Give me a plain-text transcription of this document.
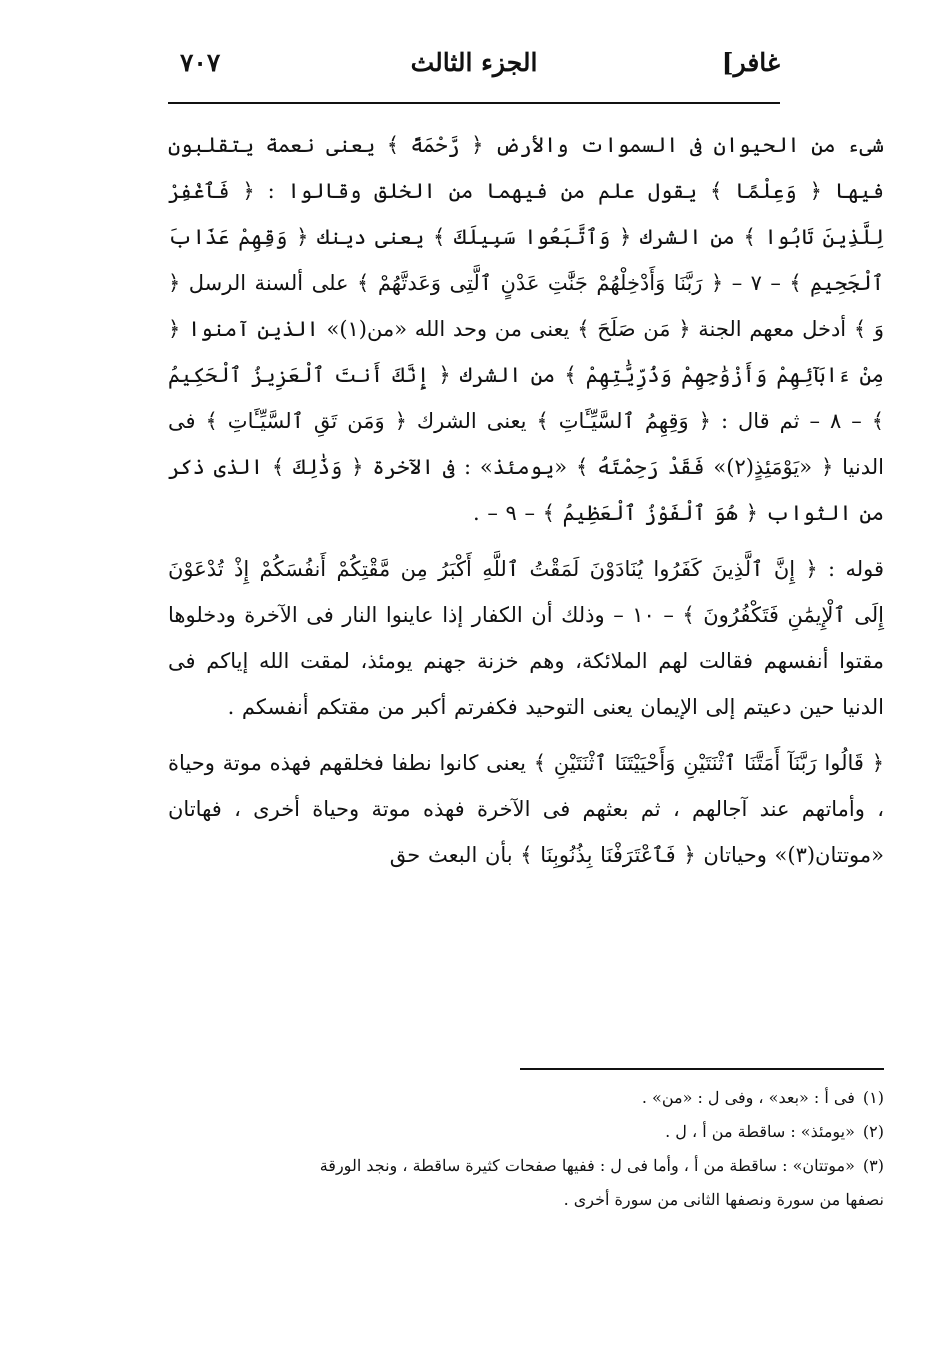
غافر]
الجزء الثالث
٧٠٧

شىء من الحيوان فى السموات والأرض ﴿ رَّحْمَةً ﴾ يعنى نعمة يتقلبون فيها ﴿ وَعِلْمًا ﴾ يقول علم من فيهما من الخلق وقالوا : ﴿ فَٱغْفِرْ لِلَّذِينَ تَابُوا ﴾ من الشرك ﴿ وَٱتَّبَعُوا سَبِيلَكَ ﴾ يعنى دينك ﴿ وَقِهِمْ عَذَابَ ٱلْجَحِيمِ ﴾ – ٧ – ﴿ رَبَّنَا وَأَدْخِلْهُمْ جَنَّٰتِ عَدْنٍ ٱلَّتِى وَعَدتَّهُمْ ﴾ على ألسنة الرسل ﴿ وَ ﴾ أدخل معهم الجنة ﴿ مَن صَلَحَ ﴾ يعنى من وحد الله «من(١)» الذين آمنوا ﴿ مِنْ ءَابَآئِهِمْ وَأَزْوَٰجِهِمْ وَذُرِّيَّٰتِهِمْ ﴾ من الشرك ﴿ إِنَّكَ أَنتَ ٱلْعَزِيزُ ٱلْحَكِيمُ ﴾ – ٨ – ثم قال : ﴿ وَقِهِمُ ٱلسَّيِّـَٔاتِ ﴾ يعنى الشرك ﴿ وَمَن تَقِ ٱلسَّيِّـَٔاتِ ﴾ فى الدنيا ﴿ «يَوْمَئِذٍ(٢)» فَقَدْ رَحِمْتَهُ ﴾ «يومئذ» : فى الآخرة ﴿ وَذَٰلِكَ ﴾ الذى ذكر من الثواب ﴿ هُوَ ٱلْفَوْزُ ٱلْعَظِيمُ ﴾ – ٩ – .

قوله : ﴿ إِنَّ ٱلَّذِينَ كَفَرُوا يُنَادَوْنَ لَمَقْتُ ٱللَّهِ أَكْبَرُ مِن مَّقْتِكُمْ أَنفُسَكُمْ إِذْ تُدْعَوْنَ إِلَى ٱلْإِيمَٰنِ فَتَكْفُرُونَ ﴾ – ١٠ – وذلك أن الكفار إذا عاينوا النار فى الآخرة ودخلوها مقتوا أنفسهم فقالت لهم الملائكة، وهم خزنة جهنم يومئذ، لمقت الله إياكم فى الدنيا حين دعيتم إلى الإيمان يعنى التوحيد فكفرتم أكبر من مقتكم أنفسكم .

﴿ قَالُوا رَبَّنَآ أَمَتَّنَا ٱثْنَتَيْنِ وَأَحْيَيْتَنَا ٱثْنَتَيْنِ ﴾ يعنى كانوا نطفا فخلقهم فهذه موتة وحياة ، وأماتهم عند آجالهم ، ثم بعثهم فى الآخرة فهذه موتة وحياة أخرى ، فهاتان «موتتان(٣)» وحياتان ﴿ فَٱعْتَرَفْنَا بِذُنُوبِنَا ﴾ بأن البعث حق

(١)فى أ : «بعد» ، وفى ل : «من» .

(٢)«يومئذ» : ساقطة من أ ، ل .

(٣)«موتتان» : ساقطة من أ ، وأما فى ل : ففيها صفحات كثيرة ساقطة ، ونجد الورقة

نصفها من سورة ونصفها الثانى من سورة أخرى .
